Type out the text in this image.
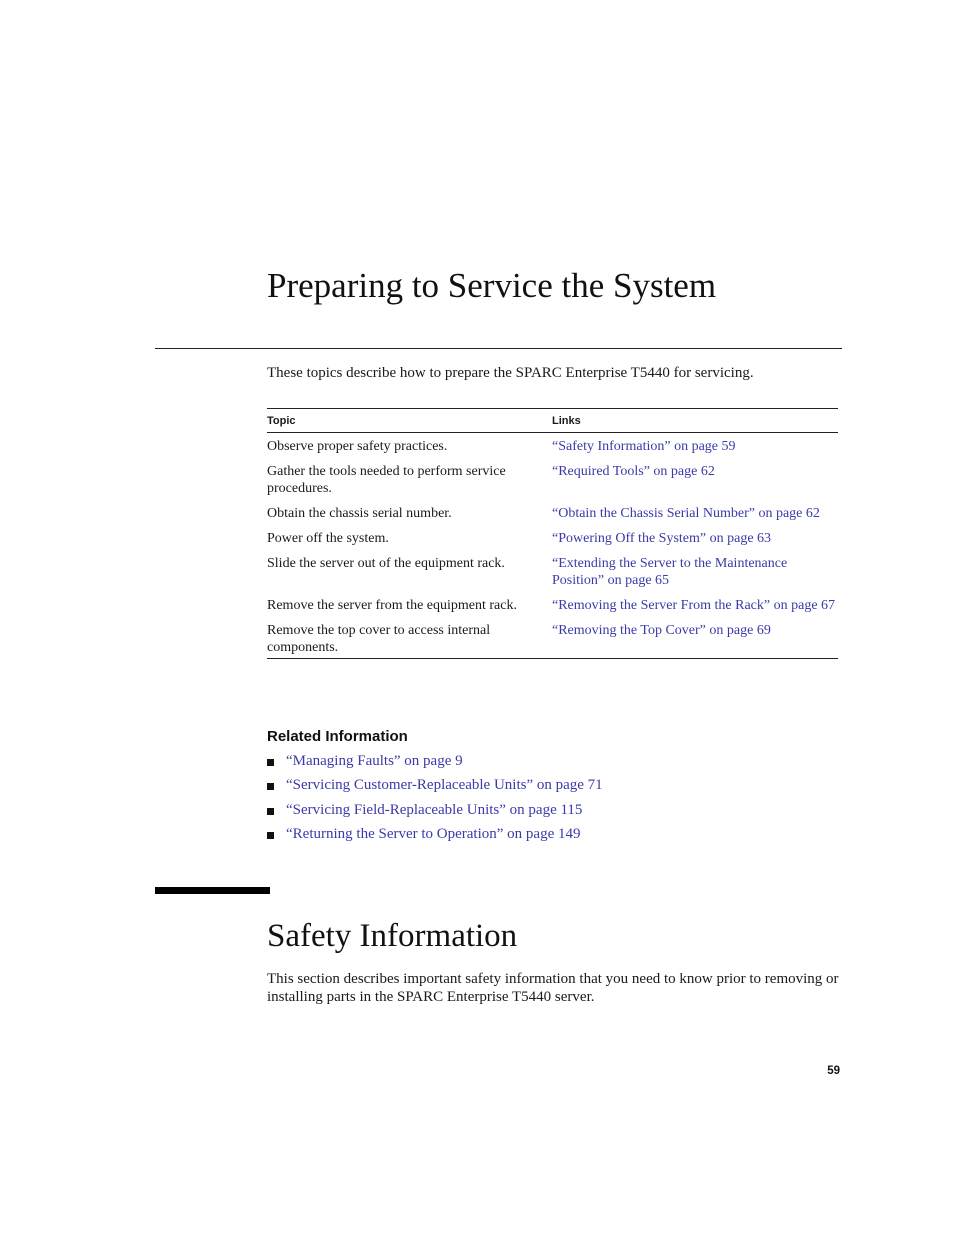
Preparing to Service the System

These topics describe how to prepare the SPARC Enterprise T5440 for servicing.

Topic	Links
Observe proper safety practices.	“Safety Information” on page 59
Gather the tools needed to perform service procedures.	“Required Tools” on page 62
Obtain the chassis serial number.	“Obtain the Chassis Serial Number” on page 62
Power off the system.	“Powering Off the System” on page 63
Slide the server out of the equipment rack.	“Extending the Server to the Maintenance Position” on page 65
Remove the server from the equipment rack.	“Removing the Server From the Rack” on page 67
Remove the top cover to access internal components.	“Removing the Top Cover” on page 69
Related Information
“Managing Faults” on page 9
“Servicing Customer-Replaceable Units” on page 71
“Servicing Field-Replaceable Units” on page 115
“Returning the Server to Operation” on page 149
Safety Information

This section describes important safety information that you need to know prior to removing or installing parts in the SPARC Enterprise T5440 server.

59
